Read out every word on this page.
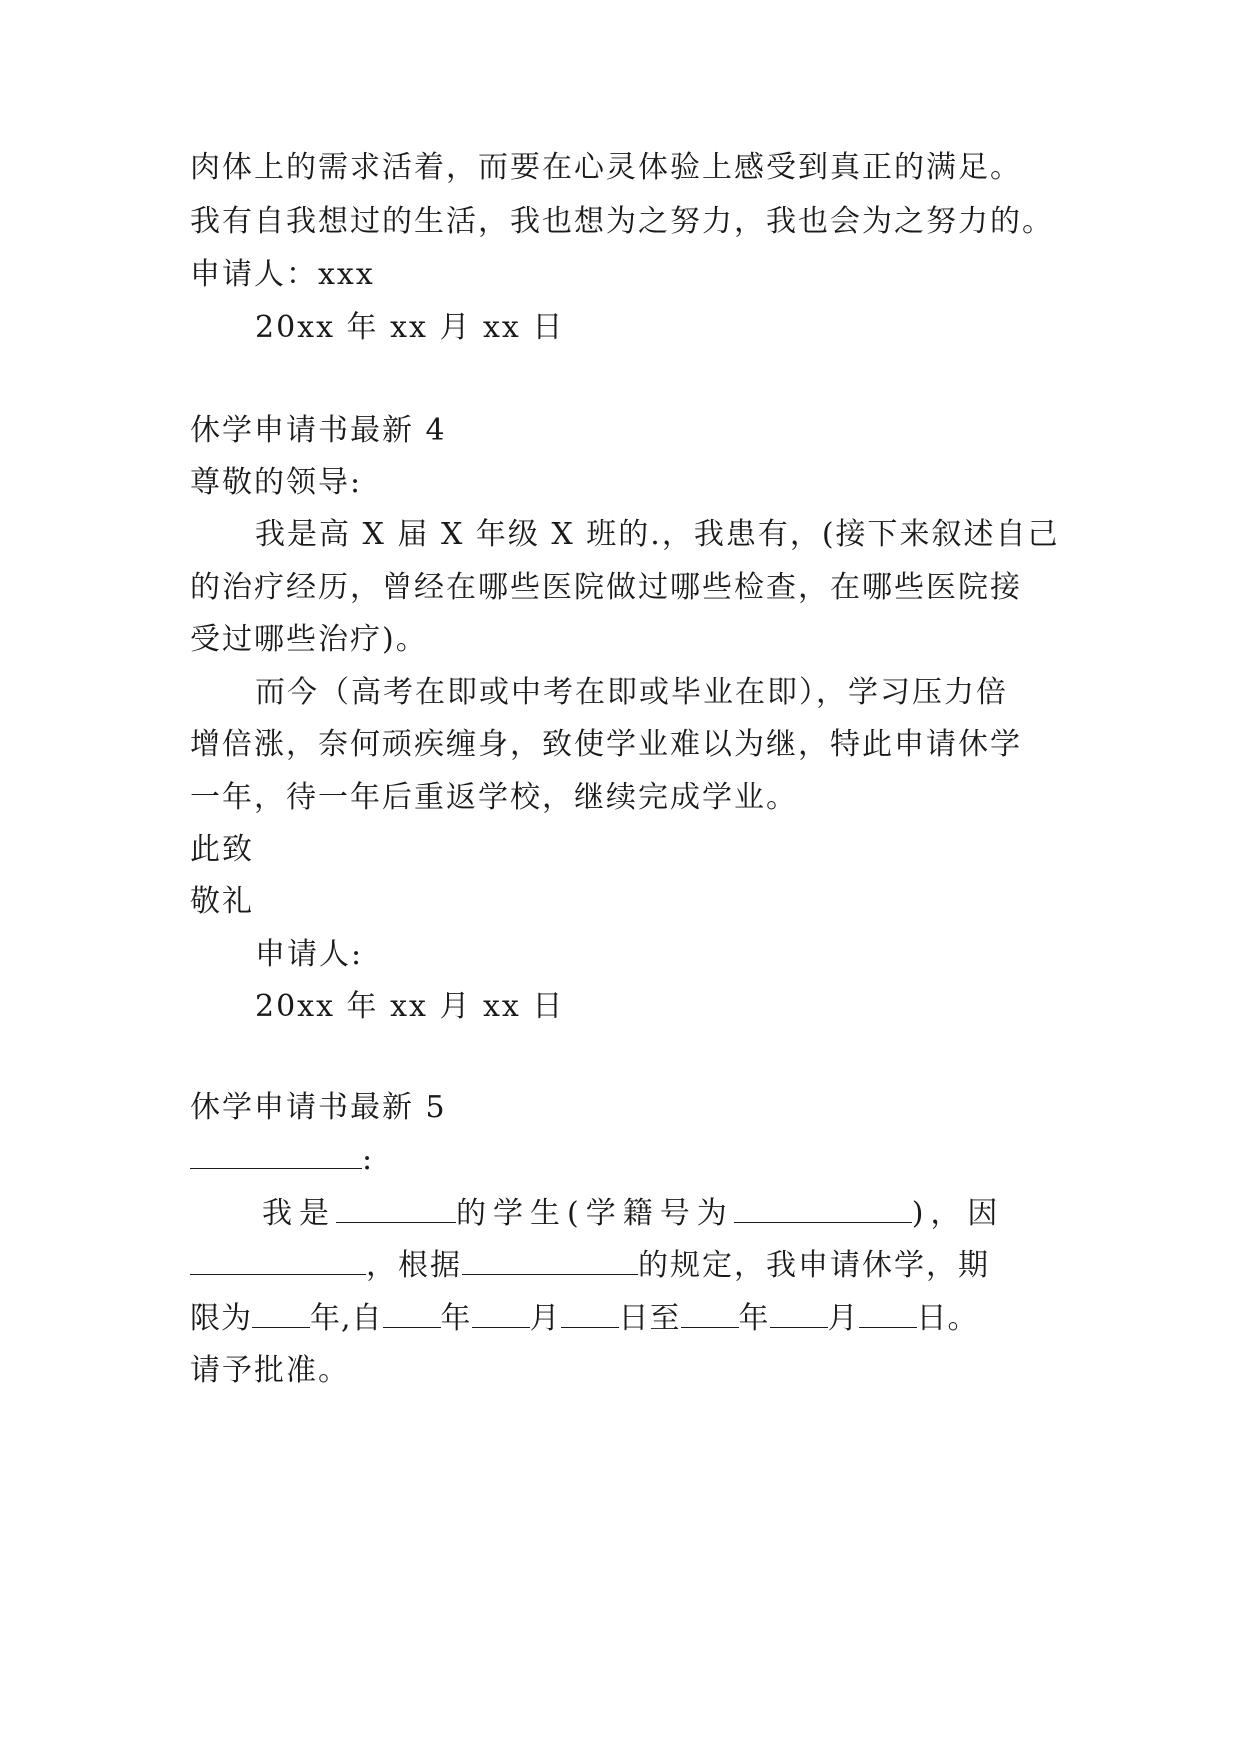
肉体上的需求活着，而要在心灵体验上感受到真正的满足。
我有自我想过的生活，我也想为之努力，我也会为之努力的。
申请人：xxx
20xx 年 xx 月 xx 日
休学申请书最新 4
尊敬的领导:
我是高 X 届 X 年级 X 班的.，我患有，(接下来叙述自己
的治疗经历，曾经在哪些医院做过哪些检查，在哪些医院接
受过哪些治疗)。
而今（高考在即或中考在即或毕业在即），学习压力倍
增倍涨，奈何顽疾缠身，致使学业难以为继，特此申请休学
一年，待一年后重返学校，继续完成学业。
此致
敬礼
申请人:
20xx 年 xx 月 xx 日
休学申请书最新 5
:
我是	的学生(学籍号为	)，因
，根据	的规定，我申请休学，期
限为 年,自 年 月 日至 年 月 日。
请予批准。
